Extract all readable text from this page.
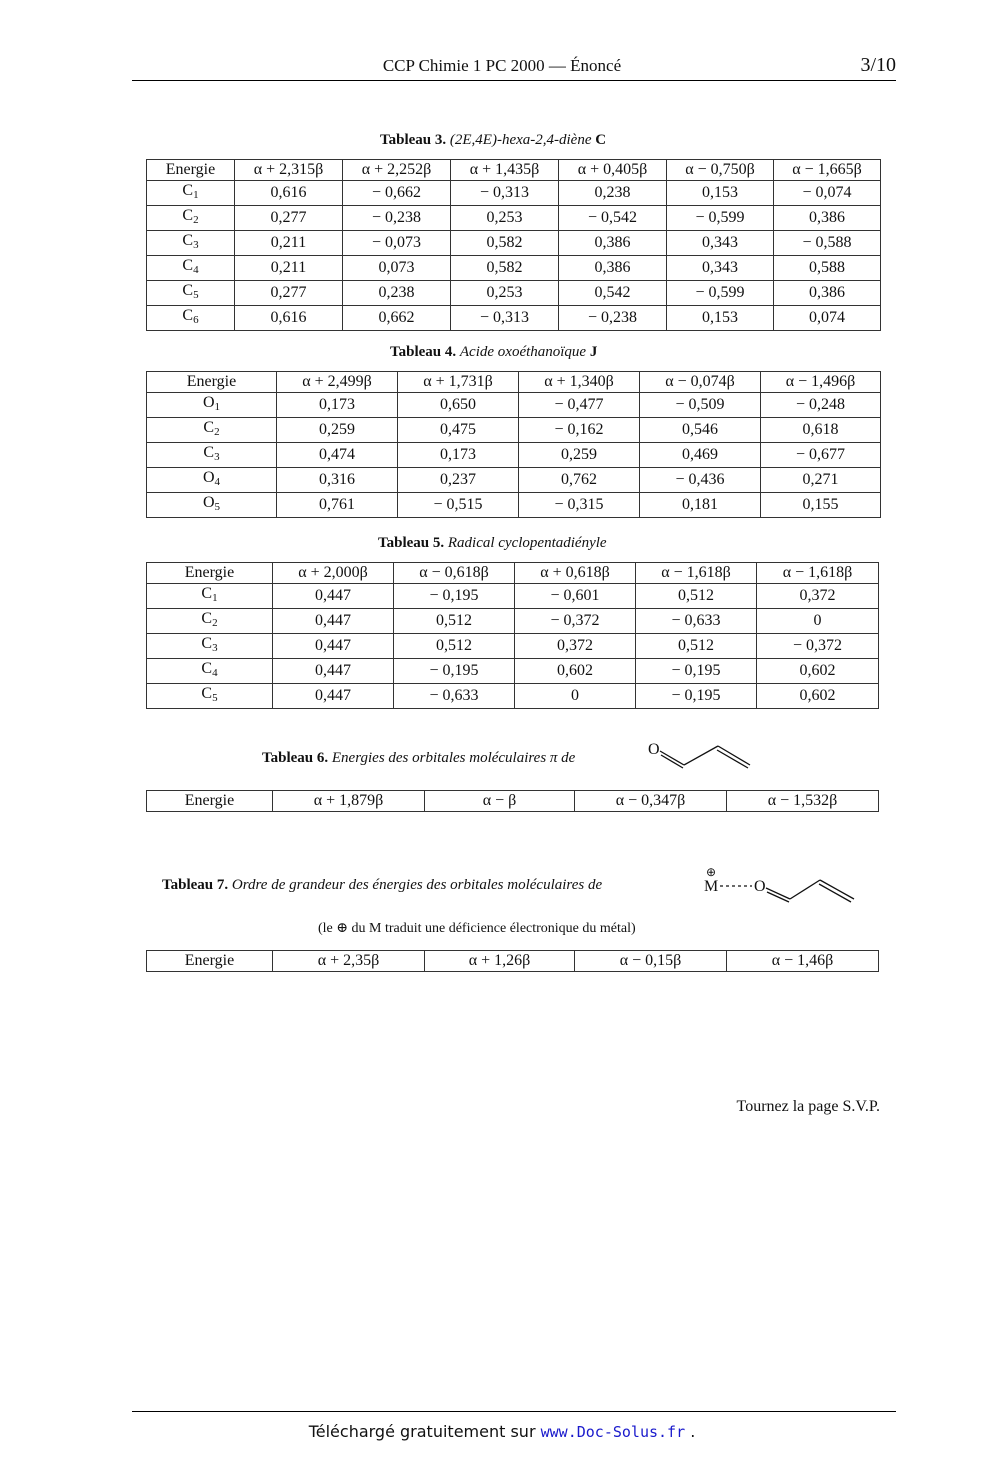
CCP Chimie 1 PC 2000 — Énoncé	3/10
Tableau 3. (2E,4E)-hexa-2,4-diène C
Energie	α + 2,315β	α + 2,252β	α + 1,435β	α + 0,405β	α − 0,750β	α − 1,665β
$C_1$	0,616	− 0,662	− 0,313	0,238	0,153	− 0,074
$C_2$	0,277	− 0,238	0,253	− 0,542	− 0,599	0,386
$C_3$	0,211	− 0,073	0,582	0,386	0,343	− 0,588
$C_4$	0,211	0,073	0,582	0,386	0,343	0,588
$C_5$	0,277	0,238	0,253	0,542	− 0,599	0,386
$C_6$	0,616	0,662	− 0,313	− 0,238	0,153	0,074
Tableau 4. Acide oxoéthanoïque J
Energie	α + 2,499β	α + 1,731β	α + 1,340β	α − 0,074β	α − 1,496β
$O_1$	0,173	0,650	− 0,477	− 0,509	− 0,248
$C_2$	0,259	0,475	− 0,162	0,546	0,618
$C_3$	0,474	0,173	0,259	0,469	− 0,677
$O_4$	0,316	0,237	0,762	− 0,436	0,271
$O_5$	0,761	− 0,515	− 0,315	0,181	0,155
Tableau 5. Radical cyclopentadiényle
Energie	α + 2,000β	α − 0,618β	α + 0,618β	α − 1,618β	α − 1,618β
$C_1$	0,447	− 0,195	− 0,601	0,512	0,372
$C_2$	0,447	0,512	− 0,372	− 0,633	0
$C_3$	0,447	0,512	0,372	0,512	− 0,372
$C_4$	0,447	− 0,195	0,602	− 0,195	0,602
$C_5$	0,447	− 0,633	0	− 0,195	0,602
Tableau 6. Energies des orbitales moléculaires π de	O
Energie	α + 1,879β	α − β	α − 0,347β	α − 1,532β
Tableau 7. Ordre de grandeur des énergies des orbitales moléculaires de
⊕
M O
(le ⊕ du M traduit une déficience électronique du métal)
Energie	α + 2,35β	α + 1,26β	α − 0,15β	α − 1,46β
Tournez la page S.V.P.
Téléchargé gratuitement sur www.Doc-Solus.fr .
